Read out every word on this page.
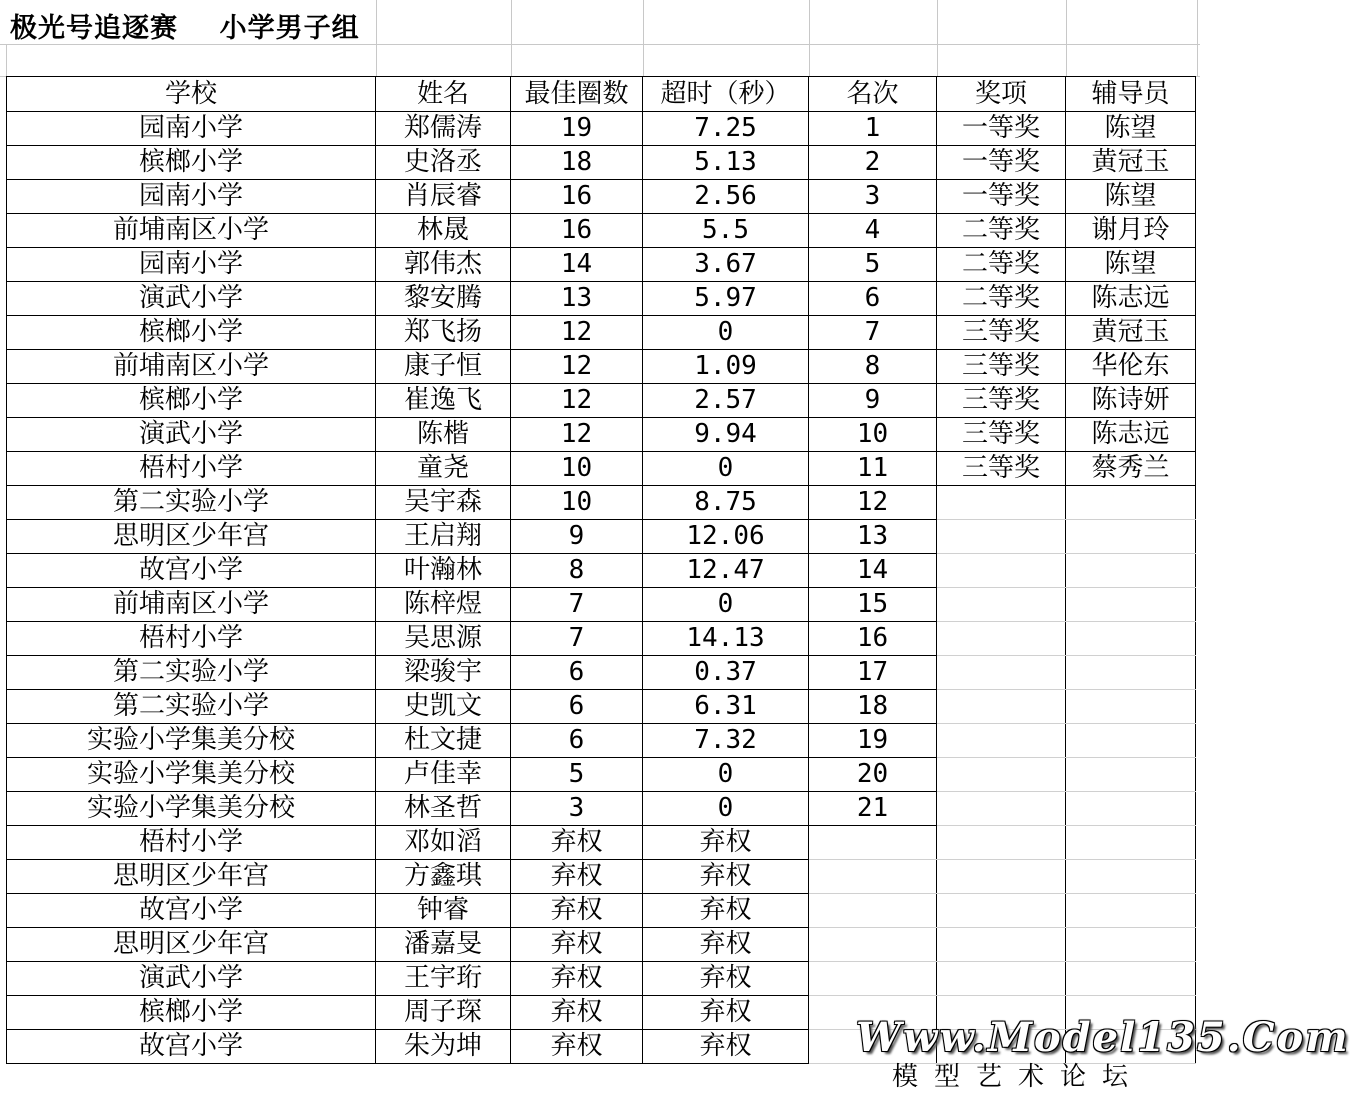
极光号追逐赛    小学男子组
学校	姓名	最佳圈数	超时（秒）	名次	奖项	辅导员
园南小学	郑儒涛	19	7.25	1	一等奖	陈望
槟榔小学	史洛丞	18	5.13	2	一等奖	黄冠玉
园南小学	肖辰睿	16	2.56	3	一等奖	陈望
前埔南区小学	林晟	16	5.5	4	二等奖	谢月玲
园南小学	郭伟杰	14	3.67	5	二等奖	陈望
演武小学	黎安腾	13	5.97	6	二等奖	陈志远
槟榔小学	郑飞扬	12	0	7	三等奖	黄冠玉
前埔南区小学	康子恒	12	1.09	8	三等奖	华伦东
槟榔小学	崔逸飞	12	2.57	9	三等奖	陈诗妍
演武小学	陈楷	12	9.94	10	三等奖	陈志远
梧村小学	童尧	10	0	11	三等奖	蔡秀兰
第二实验小学	吴宇森	10	8.75	12		
思明区少年宫	王启翔	9	12.06	13		
故宫小学	叶瀚林	8	12.47	14		
前埔南区小学	陈梓煜	7	0	15		
梧村小学	吴思源	7	14.13	16		
第二实验小学	梁骏宇	6	0.37	17		
第二实验小学	史凯文	6	6.31	18		
实验小学集美分校	杜文捷	6	7.32	19		
实验小学集美分校	卢佳幸	5	0	20		
实验小学集美分校	林圣哲	3	0	21		
梧村小学	邓如滔	弃权	弃权			
思明区少年宫	方鑫琪	弃权	弃权			
故宫小学	钟睿	弃权	弃权			
思明区少年宫	潘嘉旻	弃权	弃权			
演武小学	王宇珩	弃权	弃权			
槟榔小学	周子琛	弃权	弃权			
故宫小学	朱为坤	弃权	弃权				Www.Model135.Com
模型艺术论坛
